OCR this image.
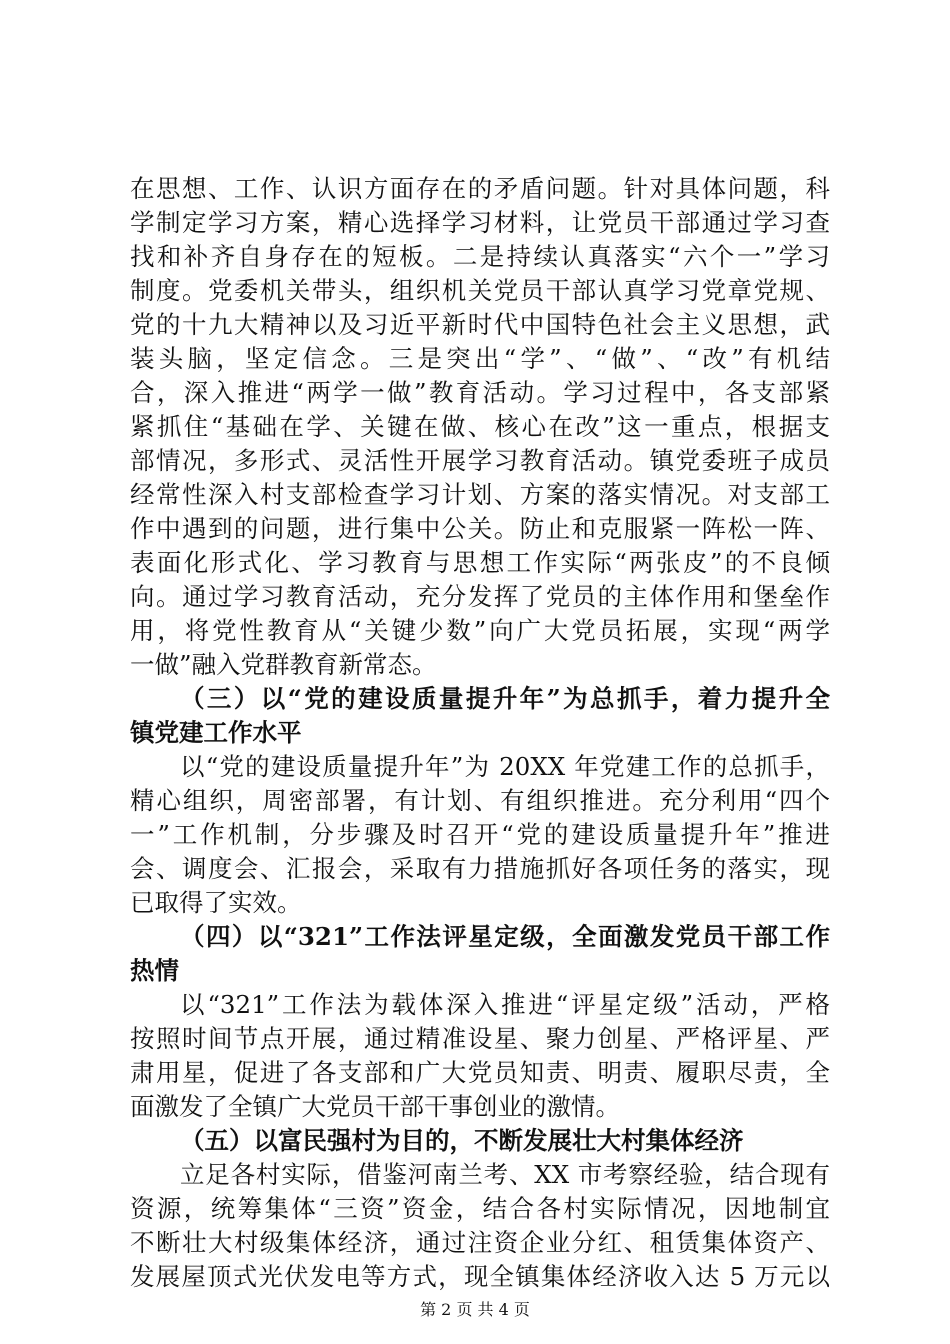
在思想、工作、认识方面存在的矛盾问题。针对具体问题，科
学制定学习方案，精心选择学习材料，让党员干部通过学习查
找和补齐自身存在的短板。二是持续认真落实“六个一”学习
制度。党委机关带头，组织机关党员干部认真学习党章党规、
党的十九大精神以及习近平新时代中国特色社会主义思想，武
装头脑，坚定信念。三是突出“学”、“做”、“改”有机结
合，深入推进“两学一做”教育活动。学习过程中，各支部紧
紧抓住“基础在学、关键在做、核心在改”这一重点，根据支
部情况，多形式、灵活性开展学习教育活动。镇党委班子成员
经常性深入村支部检查学习计划、方案的落实情况。对支部工
作中遇到的问题，进行集中公关。防止和克服紧一阵松一阵、
表面化形式化、学习教育与思想工作实际“两张皮”的不良倾
向。通过学习教育活动，充分发挥了党员的主体作用和堡垒作
用，将党性教育从“关键少数”向广大党员拓展，实现“两学
一做”融入党群教育新常态。
（三）以“党的建设质量提升年”为总抓手，着力提升全
镇党建工作水平
以“党的建设质量提升年”为 20XX 年党建工作的总抓手，
精心组织，周密部署，有计划、有组织推进。充分利用“四个
一”工作机制，分步骤及时召开“党的建设质量提升年”推进
会、调度会、汇报会，采取有力措施抓好各项任务的落实，现
已取得了实效。
（四）以“321”工作法评星定级，全面激发党员干部工作
热情
以“321”工作法为载体深入推进“评星定级”活动，严格
按照时间节点开展，通过精准设星、聚力创星、严格评星、严
肃用星，促进了各支部和广大党员知责、明责、履职尽责，全
面激发了全镇广大党员干部干事创业的激情。
（五）以富民强村为目的，不断发展壮大村集体经济
立足各村实际，借鉴河南兰考、XX 市考察经验，结合现有
资源，统筹集体“三资”资金，结合各村实际情况，因地制宜
不断壮大村级集体经济，通过注资企业分红、租赁集体资产、
发展屋顶式光伏发电等方式，现全镇集体经济收入达 5 万元以
第 2 页 共 4 页
